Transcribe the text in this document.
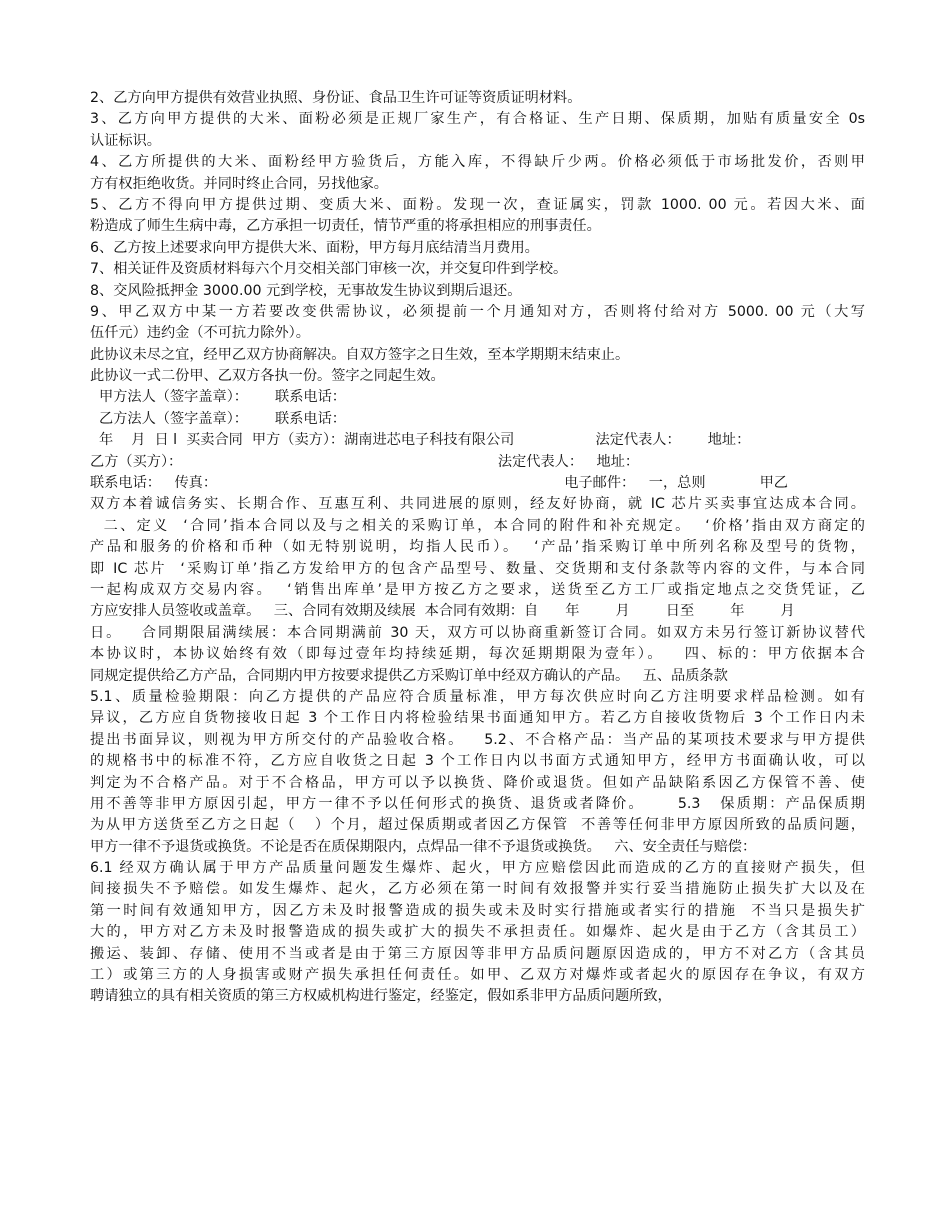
2、乙方向甲方提供有效营业执照、身份证、食品卫生许可证等资质证明材料。
3、乙方向甲方提供的大米、面粉必须是正规厂家生产，有合格证、生产日期、保质期，加贴有质量安全 0s
认证标识。
4、乙方所提供的大米、面粉经甲方验货后，方能入库，不得缺斤少两。价格必须低于市场批发价，否则甲
方有权拒绝收货。并同时终止合同，另找他家。
5、乙方不得向甲方提供过期、变质大米、面粉。发现一次，查证属实，罚款 1000. 00 元。若因大米、面
粉造成了师生生病中毒，乙方承担一切责任，情节严重的将承担相应的刑事责任。
6、乙方按上述要求向甲方提供大米、面粉，甲方每月底结清当月费用。
7、相关证件及资质材料每六个月交相关部门审核一次，并交复印件到学校。
8、交风险抵押金 3000.00 元到学校，无事故发生协议到期后退还。
9、甲乙双方中某一方若要改变供需协议，必须提前一个月通知对方，否则将付给对方 5000. 00 元（大写
伍仟元）违约金（不可抗力除外）。
此协议未尽之宜，经甲乙双方协商解决。自双方签字之日生效，至本学期期末结束止。
此协议一式二份甲、乙双方各执一份。签字之同起生效。
甲方法人（签字盖章）：      联系电话：
乙方法人（签字盖章）：      联系电话：
年    月  日 l  买卖合同  甲方（卖方）：湖南进芯电子科技有限公司                  法定代表人：      地址：
乙方（买方）：                                                                      法定代表人：   地址：
联系电话：   传真：                                                                             电子邮件：   一，总则            甲乙
双方本着诚信务实、长期合作、互惠互利、共同进展的原则，经友好协商，就 IC 芯片买卖事宜达成本合同。
二、定义  ‘合同’指本合同以及与之相关的采购订单，本合同的附件和补充规定。  ‘价格’指由双方商定的
产品和服务的价格和币种（如无特别说明，均指人民币）。  ‘产品’指采购订单中所列名称及型号的货物，
即 IC 芯片  ‘采购订单’指乙方发给甲方的包含产品型号、数量、交货期和支付条款等内容的文件，与本合同
一起构成双方交易内容。  ‘销售出库单’是甲方按乙方之要求，送货至乙方工厂或指定地点之交货凭证，乙
方应安排人员签收或盖章。   三、合同有效期及续展  本合同有效期：自      年        月        日至        年        月
日。   合同期限届满续展：本合同期满前 30 天，双方可以协商重新签订合同。如双方未另行签订新协议替代
本协议时，本协议始终有效（即每过壹年均持续延期，每次延期期限为壹年）。   四、标的：甲方依据本合
同规定提供给乙方产品，合同期内甲方按要求提供乙方采购订单中经双方确认的产品。   五、品质条款
5.1、质量检验期限：向乙方提供的产品应符合质量标准，甲方每次供应时向乙方注明要求样品检测。如有
异议，乙方应自货物接收日起 3 个工作日内将检验结果书面通知甲方。若乙方自接收货物后 3 个工作日内未
提出书面异议，则视为甲方所交付的产品验收合格。   5.2、不合格产品：当产品的某项技术要求与甲方提供
的规格书中的标准不符，乙方应自收货之日起 3 个工作日内以书面方式通知甲方，经甲方书面确认收，可以
判定为不合格产品。对于不合格品，甲方可以予以换货、降价或退货。但如产品缺陷系因乙方保管不善、使
用不善等非甲方原因引起，甲方一律不予以任何形式的换货、退货或者降价。     5.3   保质期：产品保质期
为从甲方送货至乙方之日起（   ）个月，超过保质期或者因乙方保管  不善等任何非甲方原因所致的品质问题，
甲方一律不予退货或换货。不论是否在质保期限内，点焊品一律不予退货或换货。   六、安全责任与赔偿：
6.1 经双方确认属于甲方产品质量问题发生爆炸、起火，甲方应赔偿因此而造成的乙方的直接财产损失，但
间接损失不予赔偿。如发生爆炸、起火，乙方必须在第一时间有效报警并实行妥当措施防止损失扩大以及在
第一时间有效通知甲方，因乙方未及时报警造成的损失或未及时实行措施或者实行的措施  不当只是损失扩
大的，甲方对乙方未及时报警造成的损失或扩大的损失不承担责任。如爆炸、起火是由于乙方（含其员工）
搬运、装卸、存储、使用不当或者是由于第三方原因等非甲方品质问题原因造成的，甲方不对乙方（含其员
工）或第三方的人身损害或财产损失承担任何责任。如甲、乙双方对爆炸或者起火的原因存在争议，有双方
聘请独立的具有相关资质的第三方权威机构进行鉴定，经鉴定，假如系非甲方品质问题所致，
